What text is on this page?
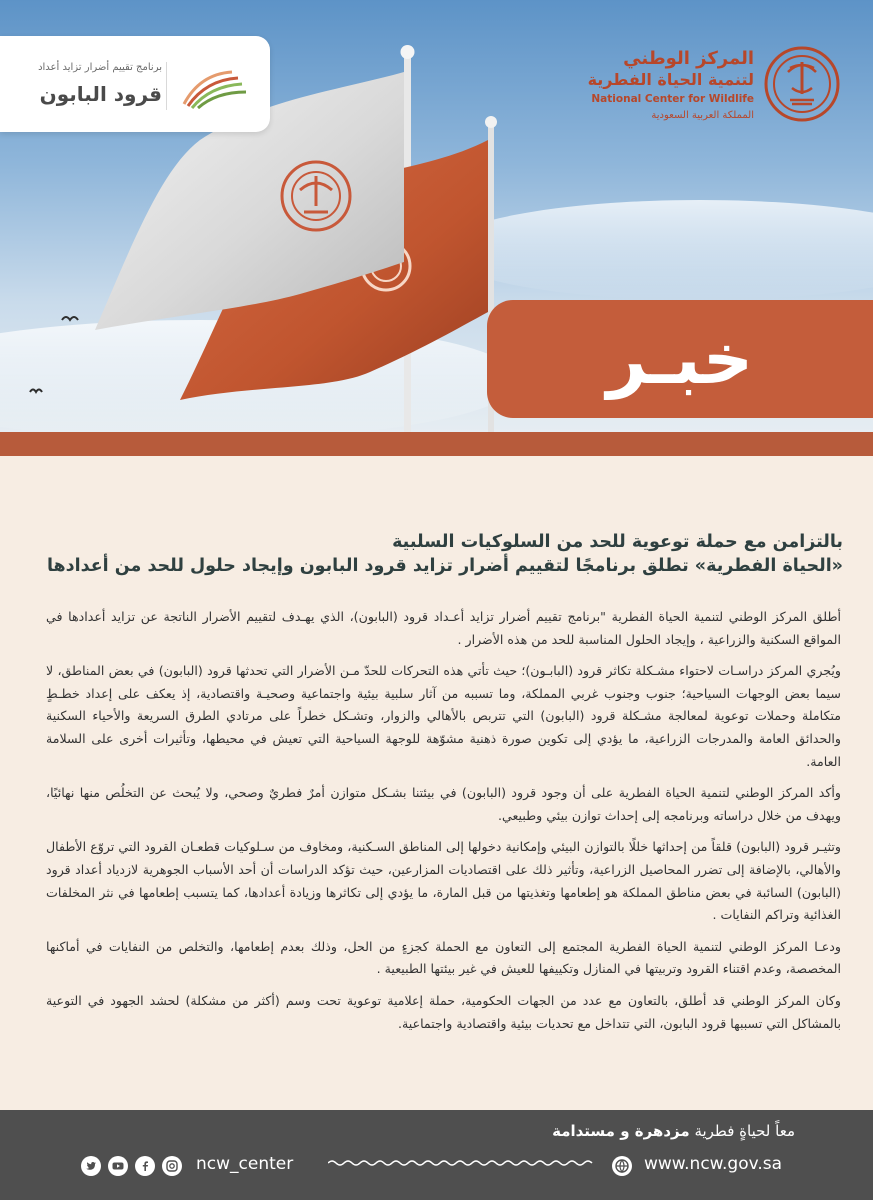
برنامج تقييم أضرار تزايد أعداد
قرود البابون
المركز الوطني
لتنمية الحياة الفطرية
National Center for Wildlife
المملكة العربية السعودية
خبـر
بالتزامن مع حملة توعوية للحد من السلوكيات السلبية
«الحياة الفطرية» تطلق برنامجًا لتقييم أضرار تزايد قرود البابون وإيجاد حلول للحد من أعدادها

أطلق المركز الوطني لتنمية الحياة الفطرية "برنامج تقييم أضرار تزايد أعـداد قرود (البابون)، الذي يهـدف لتقييم الأضرار الناتجة عن تزايد أعدادها في المواقع السكنية والزراعية ، وإيجاد الحلول المناسبة للحد من هذه الأضرار .

ويُجري المركز دراسـات لاحتواء مشـكلة تكاثر قرود (البابـون)؛ حيث تأتي هذه التحركات للحدّ مـن الأضرار التي تحدثها قرود (البابون) في بعض المناطق، لا سيما بعض الوجهات السياحية؛ جنوب وجنوب غربي المملكة، وما تسببه من آثار سلبية بيئية واجتماعية وصحيـة واقتصادية، إذ يعكف على إعداد خطـطٍ متكاملة وحملات توعوية لمعالجة مشـكلة قرود (البابون) التي تتربص بالأهالي والزوار، وتشـكل خطراً على مرتادي الطرق السريعة والأحياء السكنية والحدائق العامة والمدرجات الزراعية، ما يؤدي إلى تكوين صورة ذهنية مشوّهة للوجهة السياحية التي تعيش في محيطها، وتأثيرات أخرى على السلامة العامة.

وأكد المركز الوطني لتنمية الحياة الفطرية على أن وجود قرود (البابون) في بيئتنا بشـكل متوازن أمرٌ فطريٌ وصحي، ولا يُبحث عن التخلُص منها نهائيًا، ويهدف من خلال دراساته وبرنامجه إلى إحداث توازن بيئي وطبيعي.

وتثيـر قرود (البابون) قلقاً من إحداثها خللًا بالتوازن البيئي وإمكانية دخولها إلى المناطق السـكنية، ومخاوف من سـلوكيات قطعـان القرود التي تروّع الأطفال والأهالي، بالإضافة إلى تضرر المحاصيل الزراعية، وتأثير ذلك على اقتصاديات المزارعين، حيث تؤكد الدراسات أن أحد الأسباب الجوهرية لازدياد أعداد قرود (البابون) السائبة في بعض مناطق المملكة هو إطعامها وتغذيتها من قبل المارة، ما يؤدي إلى تكاثرها وزيادة أعدادها، كما يتسبب إطعامها في نثر المخلفات الغذائية وتراكم النفايات .

ودعـا المركز الوطني لتنمية الحياة الفطرية المجتمع إلى التعاون مع الحملة كجزءٍ من الحل، وذلك بعدم إطعامها، والتخلص من النفايات في أماكنها المخصصة، وعدم اقتناء القرود وتربيتها في المنازل وتكييفها للعيش في غير بيئتها الطبيعية .

وكان المركز الوطني قد أطلق، بالتعاون مع عدد من الجهات الحكومية، حملة إعلامية توعوية تحت وسم (أكثر من مشكلة) لحشد الجهود في التوعية بالمشاكل التي تسببها قرود البابون، التي تتداخل مع تحديات بيئية واقتصادية واجتماعية.

معاً لحياةٍ فطرية مزدهرة و مستدامة
www.ncw.gov.sa
ncw_center
